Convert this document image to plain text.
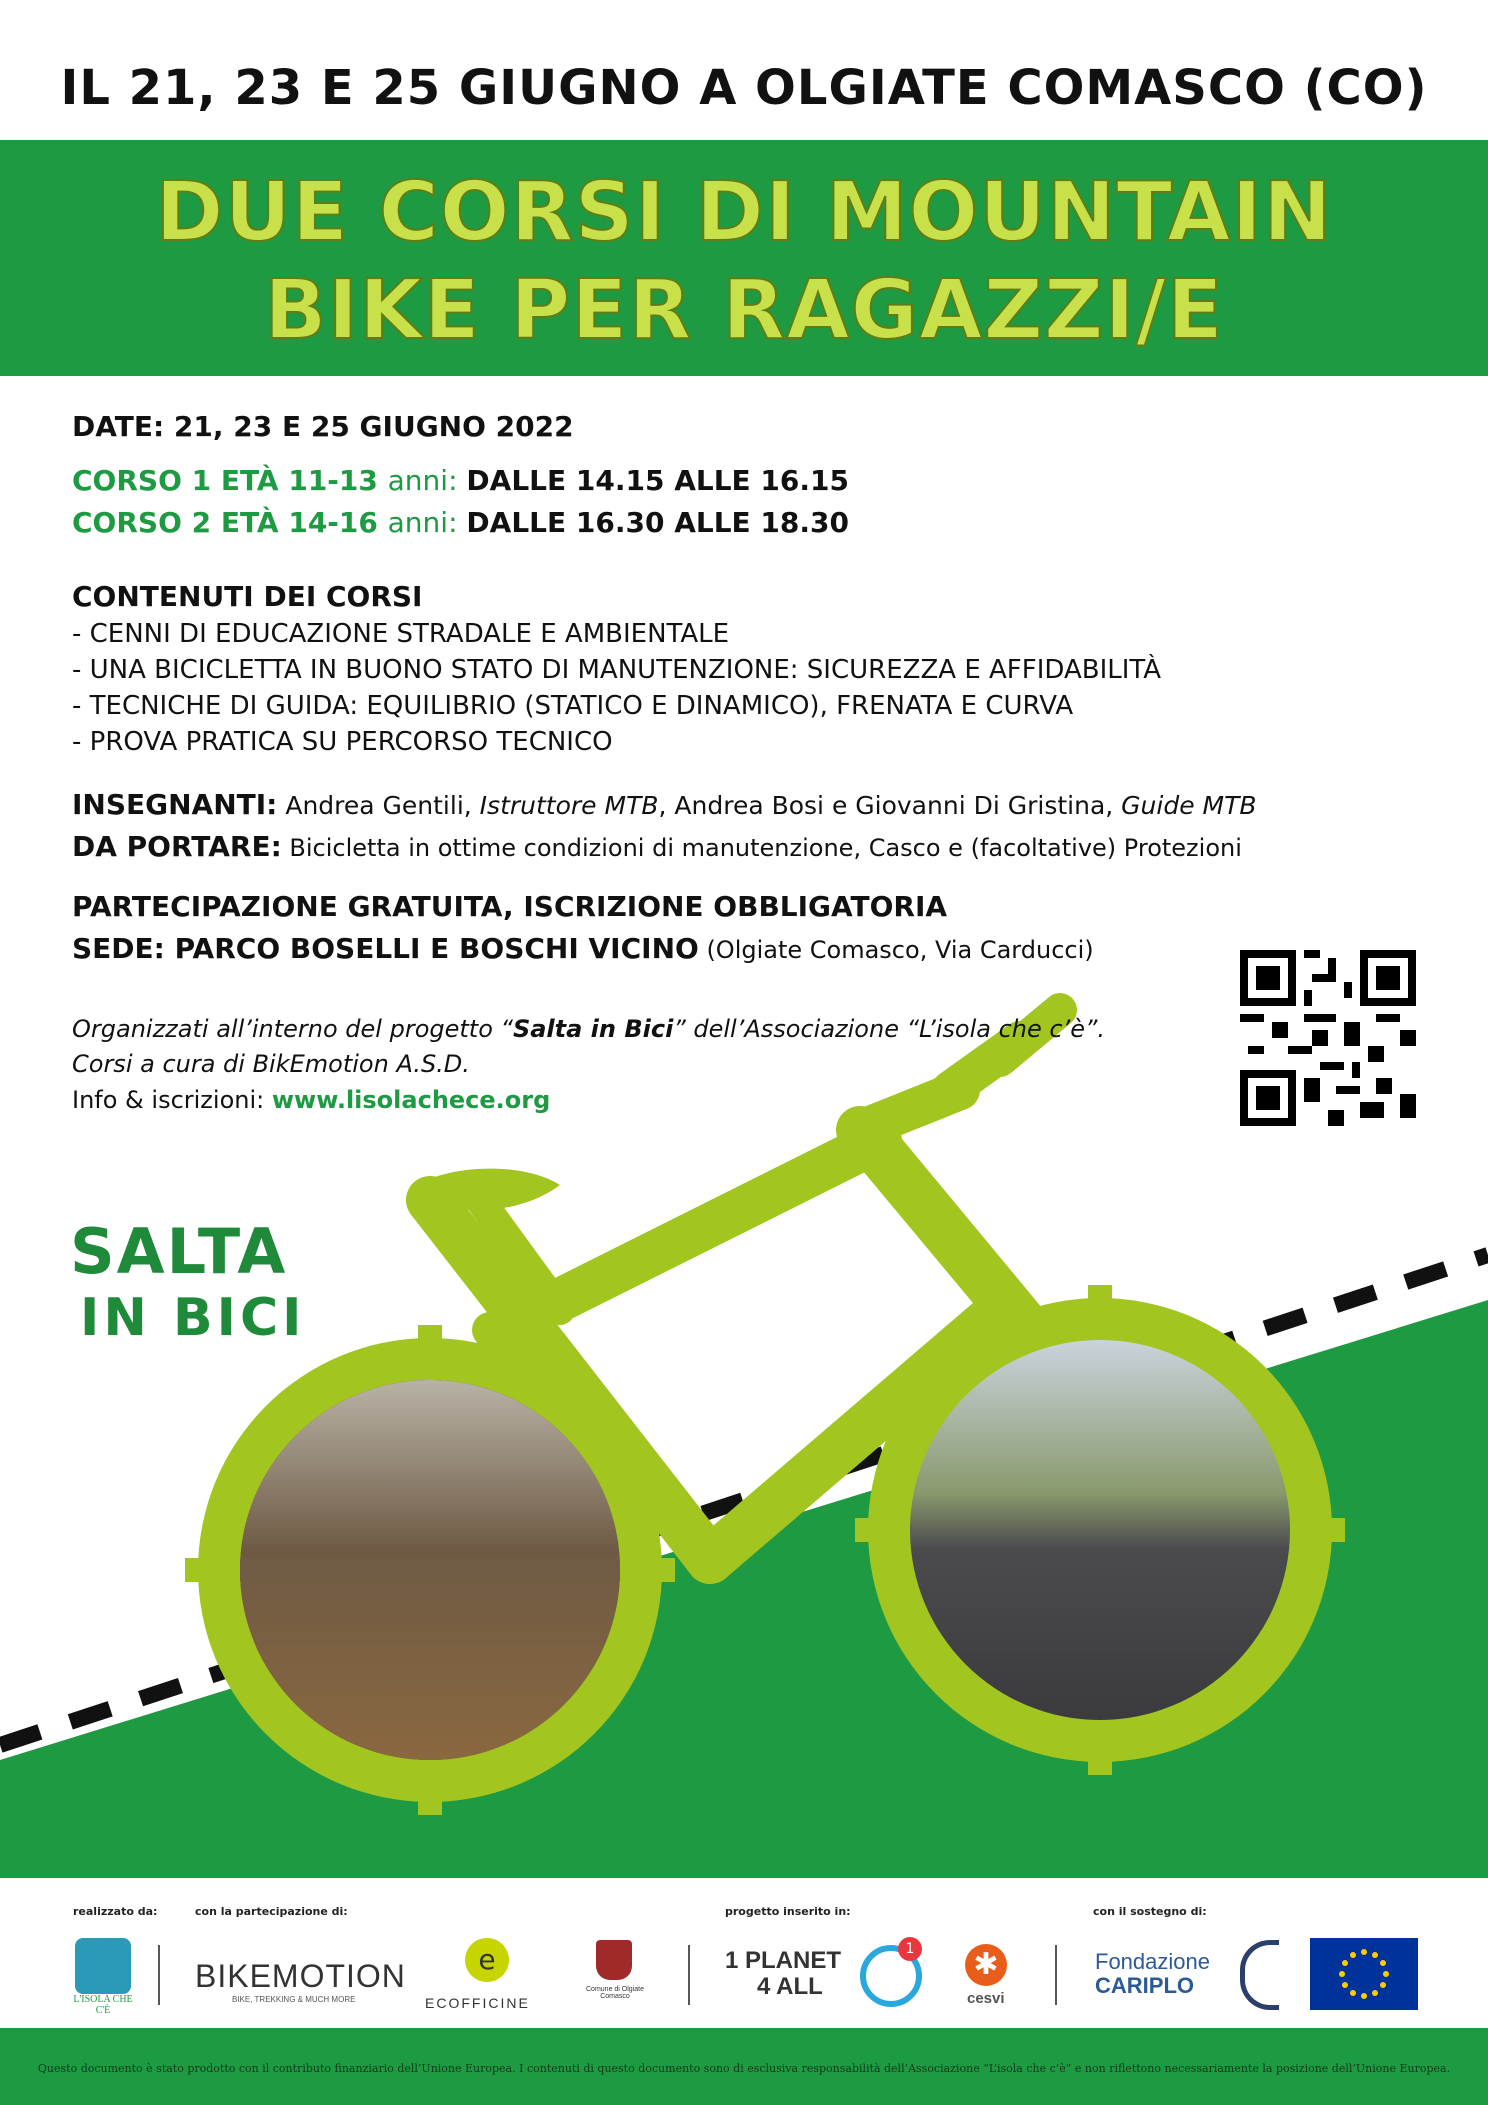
IL 21, 23 E 25 GIUGNO A OLGIATE COMASCO (CO)
DUE CORSI DI MOUNTAIN
BIKE PER RAGAZZI/E
DATE: 21, 23 E 25 GIUGNO 2022
CORSO 1 ETÀ 11-13 anni: DALLE 14.15 ALLE 16.15
CORSO 2 ETÀ 14-16 anni: DALLE 16.30 ALLE 18.30
CONTENUTI DEI CORSI
- CENNI DI EDUCAZIONE STRADALE E AMBIENTALE
- UNA BICICLETTA IN BUONO STATO DI MANUTENZIONE: SICUREZZA E AFFIDABILITÀ
- TECNICHE DI GUIDA: EQUILIBRIO (STATICO E DINAMICO), FRENATA E CURVA
- PROVA PRATICA SU PERCORSO TECNICO
INSEGNANTI: Andrea Gentili, Istruttore MTB, Andrea Bosi e Giovanni Di Gristina, Guide MTB
DA PORTARE: Bicicletta in ottime condizioni di manutenzione, Casco e (facoltative) Protezioni
PARTECIPAZIONE GRATUITA, ISCRIZIONE OBBLIGATORIA
SEDE: PARCO BOSELLI E BOSCHI VICINO (Olgiate Comasco, Via Carducci)
Organizzati all’interno del progetto “Salta in Bici” dell’Associazione “L’isola che c’è”.
Corsi a cura di BikEmotion A.S.D.
Info & iscrizioni: www.lisolachece.org
SALTA
IN BICI
realizzato da:	con la partecipazione di:	progetto inserito in:	con il sostegno di:
L'ISOLA CHE C'È
BIKEMOTION
BIKE, TREKKING & MUCH MORE
e
ECOFFICINE
Comune di Olgiate Comasco
1 PLANET
4 ALL
1 ✱
cesvi
Fondazione
CARIPLO
Questo documento è stato prodotto con il contributo finanziario dell’Unione Europea. I contenuti di questo documento sono di esclusiva responsabilità dell’Associazione “L’isola che c’è” e non riflettono necessariamente la posizione dell’Unione Europea.
